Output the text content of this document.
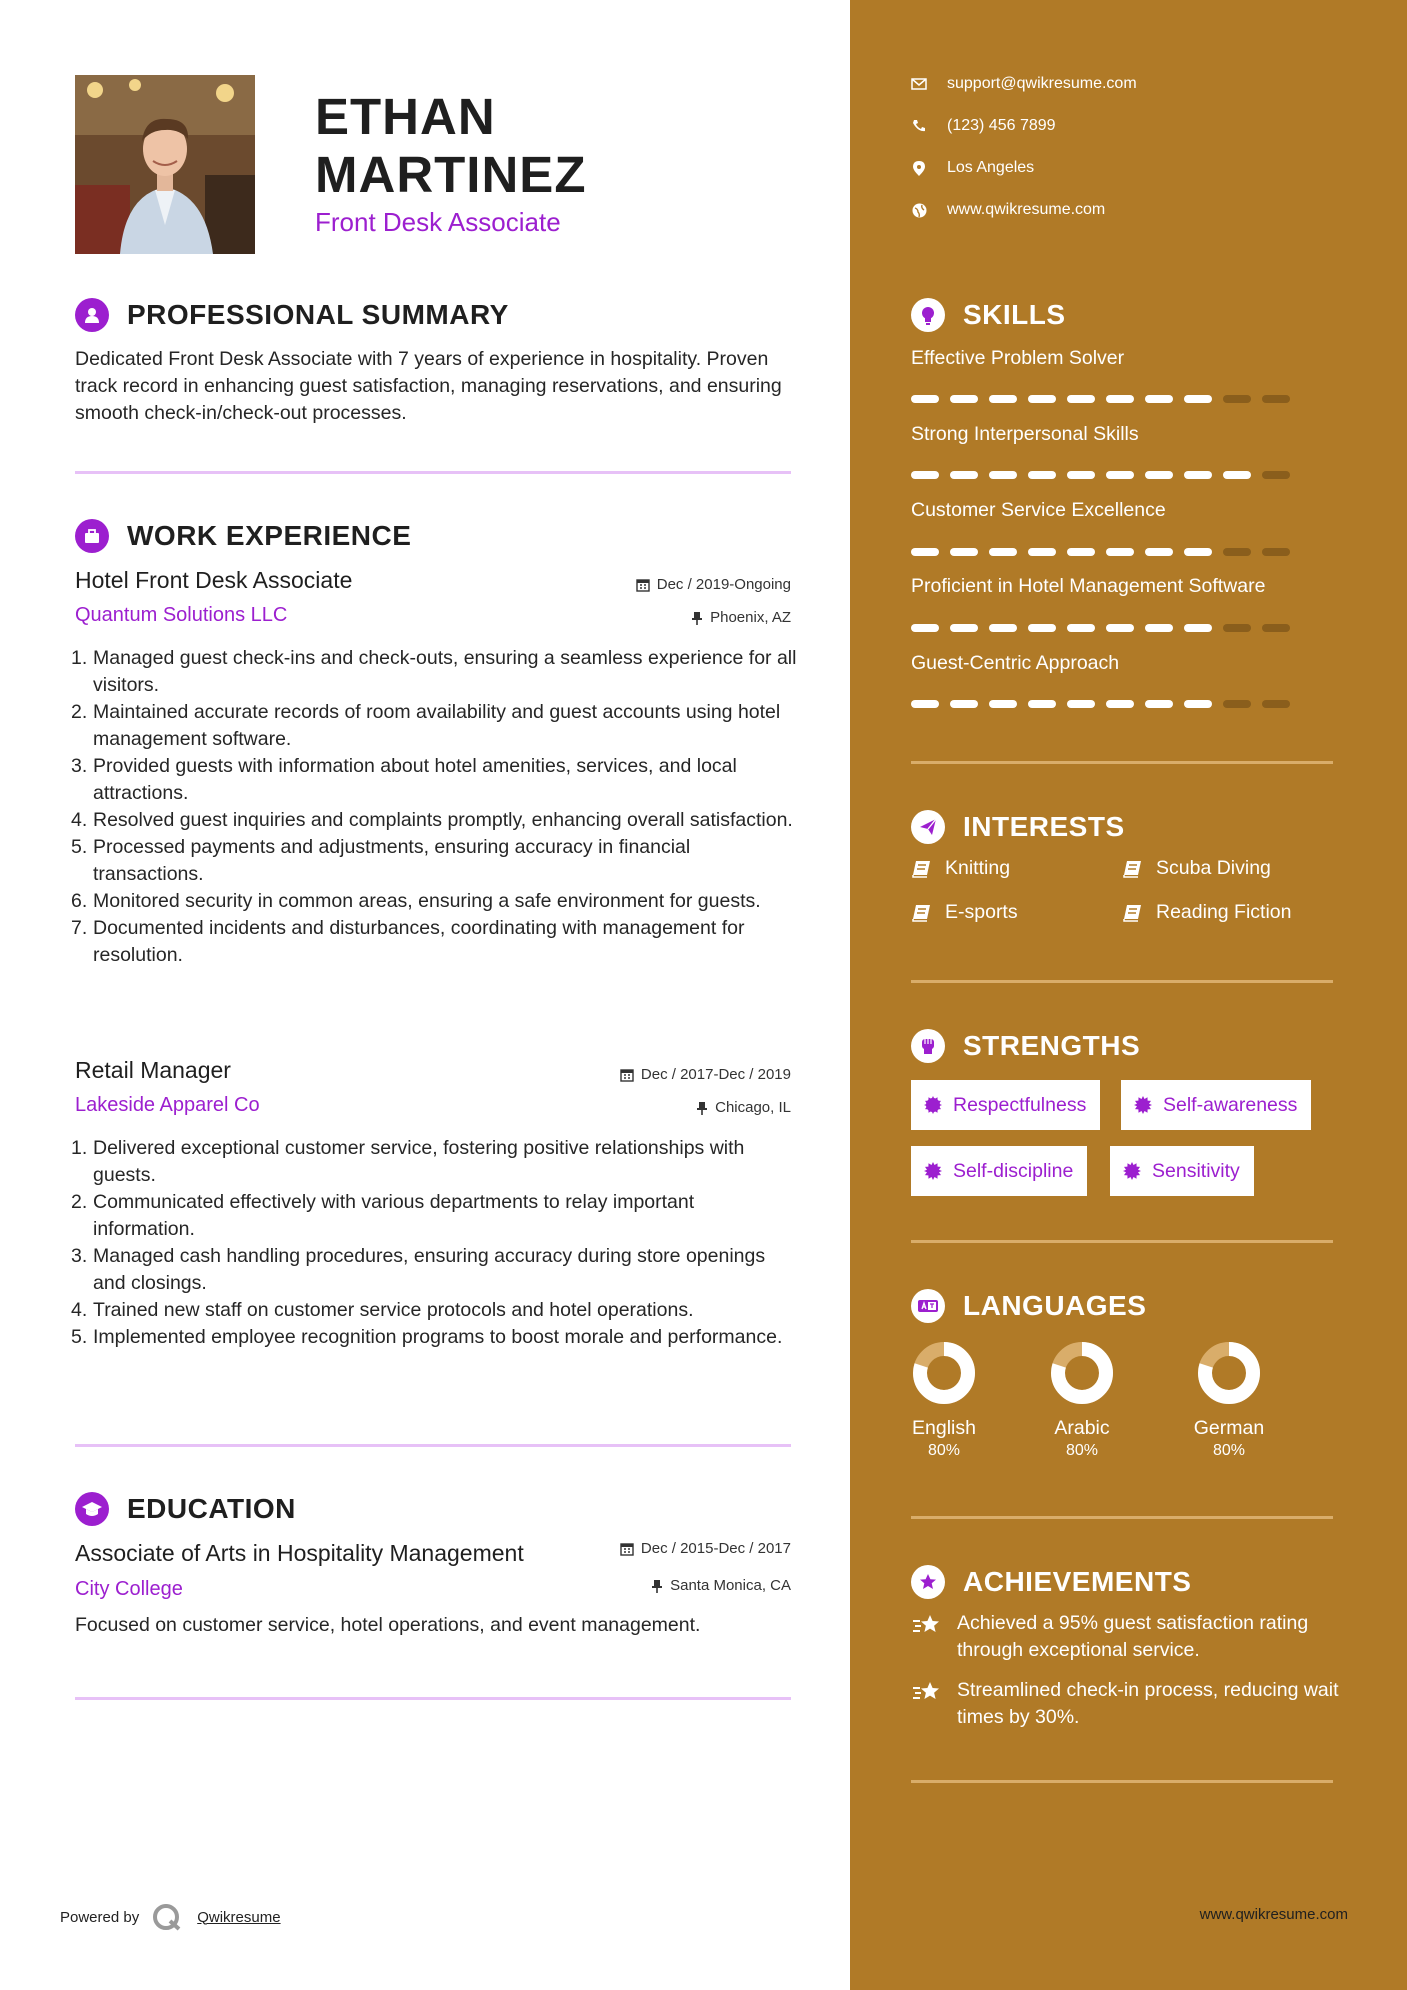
ETHAN
MARTINEZ
Front Desk Associate
PROFESSIONAL SUMMARY
Dedicated Front Desk Associate with 7 years of experience in hospitality. Proven track record in enhancing guest satisfaction, managing reservations, and ensuring smooth check-in/check-out processes.
WORK EXPERIENCE
Hotel Front Desk Associate	Dec / 2019-Ongoing
Quantum Solutions LLC	Phoenix, AZ
Managed guest check-ins and check-outs, ensuring a seamless experience for all visitors.
Maintained accurate records of room availability and guest accounts using hotel management software.
Provided guests with information about hotel amenities, services, and local attractions.
Resolved guest inquiries and complaints promptly, enhancing overall satisfaction.
Processed payments and adjustments, ensuring accuracy in financial transactions.
Monitored security in common areas, ensuring a safe environment for guests.
Documented incidents and disturbances, coordinating with management for resolution.
Retail Manager	Dec / 2017-Dec / 2019
Lakeside Apparel Co	Chicago, IL
Delivered exceptional customer service, fostering positive relationships with guests.
Communicated effectively with various departments to relay important information.
Managed cash handling procedures, ensuring accuracy during store openings and closings.
Trained new staff on customer service protocols and hotel operations.
Implemented employee recognition programs to boost morale and performance.
EDUCATION
Associate of Arts in Hospitality Management	Dec / 2015-Dec / 2017
City College	Santa Monica, CA
Focused on customer service, hotel operations, and event management.
Powered by	Qwikresume	www.qwikresume.com
support@qwikresume.com
(123) 456 7899
Los Angeles
www.qwikresume.com
SKILLS
Effective Problem Solver
Strong Interpersonal Skills
Customer Service Excellence
Proficient in Hotel Management Software
Guest-Centric Approach
INTERESTS
Knitting	Scuba Diving
E-sports	Reading Fiction
STRENGTHS
Respectfulness	Self-awareness
Self-discipline	Sensitivity
LANGUAGES
English
80%
Arabic
80%
German
80%
ACHIEVEMENTS
Achieved a 95% guest satisfaction rating through exceptional service.
Streamlined check-in process, reducing wait times by 30%.
